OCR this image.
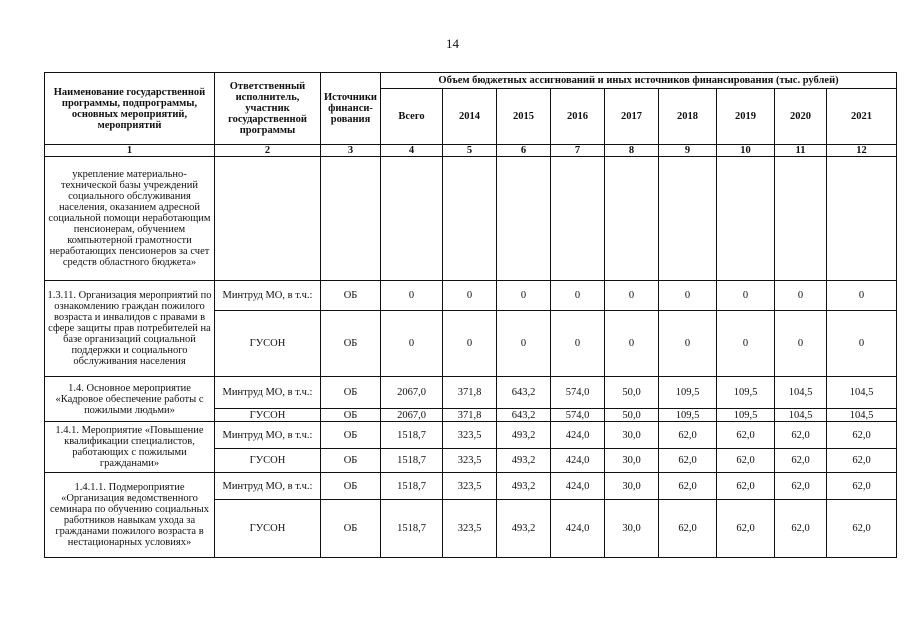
14
Наименование государственной программы, подпрограммы, основных мероприятий, мероприятий	Ответственный исполнитель, участник государственной программы	Источники финанси-рования	Объем бюджетных ассигнований и иных источников финансирования (тыс. рублей)								
			Всего	2014	2015	2016	2017	2018	2019	2020	2021
1	2	3	4	5	6	7	8	9	10	11	12
укрепление материально-технической базы учреждений социального обслуживания населения, оказанием адресной социальной помощи неработающим пенсионерам, обучением компьютерной грамотности неработающих пенсионеров за счет средств областного бюджета»											
1.3.11. Организация мероприятий по ознакомлению граждан пожилого возраста и инвалидов с правами в сфере защиты прав потребителей на базе организаций социальной поддержки и социального обслуживания населения	Минтруд МО, в т.ч.:	ОБ	0	0	0	0	0	0	0	0	0
	ГУСОН	ОБ	0	0	0	0	0	0	0	0	0
1.4. Основное мероприятие «Кадровое обеспечение работы с пожилыми людьми»	Минтруд МО, в т.ч.:	ОБ	2067,0	371,8	643,2	574,0	50,0	109,5	109,5	104,5	104,5
	ГУСОН	ОБ	2067,0	371,8	643,2	574,0	50,0	109,5	109,5	104,5	104,5
1.4.1. Мероприятие «Повышение квалификации специалистов, работающих с пожилыми гражданами»	Минтруд МО, в т.ч.:	ОБ	1518,7	323,5	493,2	424,0	30,0	62,0	62,0	62,0	62,0
	ГУСОН	ОБ	1518,7	323,5	493,2	424,0	30,0	62,0	62,0	62,0	62,0
1.4.1.1. Подмероприятие «Организация ведомственного семинара по обучению социальных работников навыкам ухода за гражданами пожилого возраста в нестационарных условиях»	Минтруд МО, в т.ч.:	ОБ	1518,7	323,5	493,2	424,0	30,0	62,0	62,0	62,0	62,0
	ГУСОН	ОБ	1518,7	323,5	493,2	424,0	30,0	62,0	62,0	62,0	62,0
